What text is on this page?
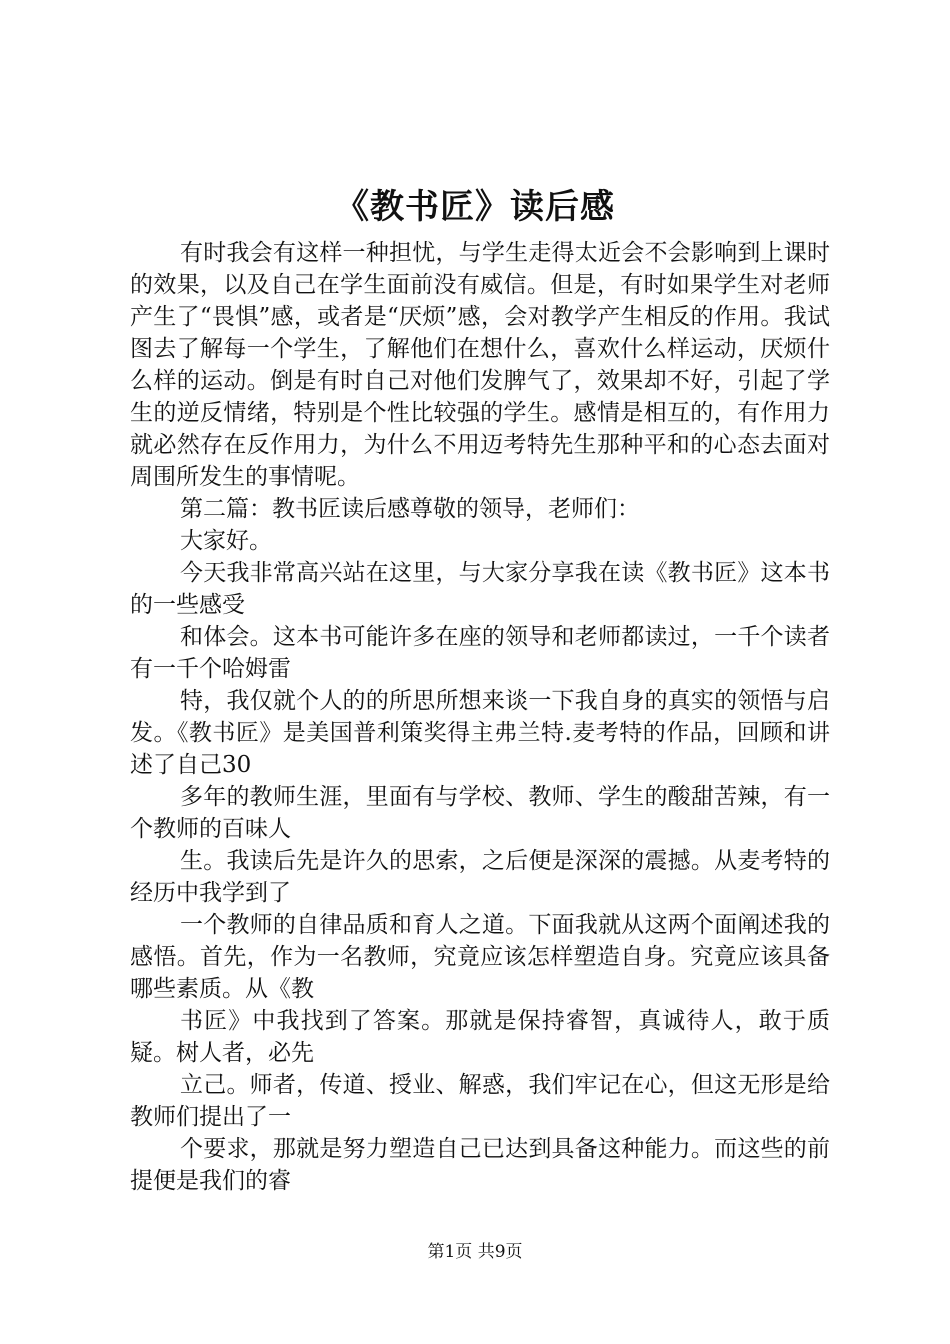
《教书匠》读后感

有时我会有这样一种担忧，与学生走得太近会不会影响到上课时的效果，以及自己在学生面前没有威信。但是，有时如果学生对老师产生了“畏惧”感，或者是“厌烦”感，会对教学产生相反的作用。我试图去了解每一个学生，了解他们在想什么，喜欢什么样运动，厌烦什么样的运动。倒是有时自己对他们发脾气了，效果却不好，引起了学生的逆反情绪，特别是个性比较强的学生。感情是相互的，有作用力就必然存在反作用力，为什么不用迈考特先生那种平和的心态去面对周围所发生的事情呢。

第二篇：教书匠读后感尊敬的领导，老师们：

大家好。

今天我非常高兴站在这里，与大家分享我在读《教书匠》这本书的一些感受

和体会。这本书可能许多在座的领导和老师都读过，一千个读者有一千个哈姆雷

特，我仅就个人的的所思所想来谈一下我自身的真实的领悟与启发。《教书匠》是美国普利策奖得主弗兰特.麦考特的作品，回顾和讲述了自己30

多年的教师生涯，里面有与学校、教师、学生的酸甜苦辣，有一个教师的百味人

生。我读后先是许久的思索，之后便是深深的震撼。从麦考特的经历中我学到了

一个教师的自律品质和育人之道。下面我就从这两个面阐述我的感悟。首先，作为一名教师，究竟应该怎样塑造自身。究竟应该具备哪些素质。从《教

书匠》中我找到了答案。那就是保持睿智，真诚待人，敢于质疑。树人者，必先

立己。师者，传道、授业、解惑，我们牢记在心，但这无形是给教师们提出了一

个要求，那就是努力塑造自己已达到具备这种能力。而这些的前提便是我们的睿

第1页 共9页
